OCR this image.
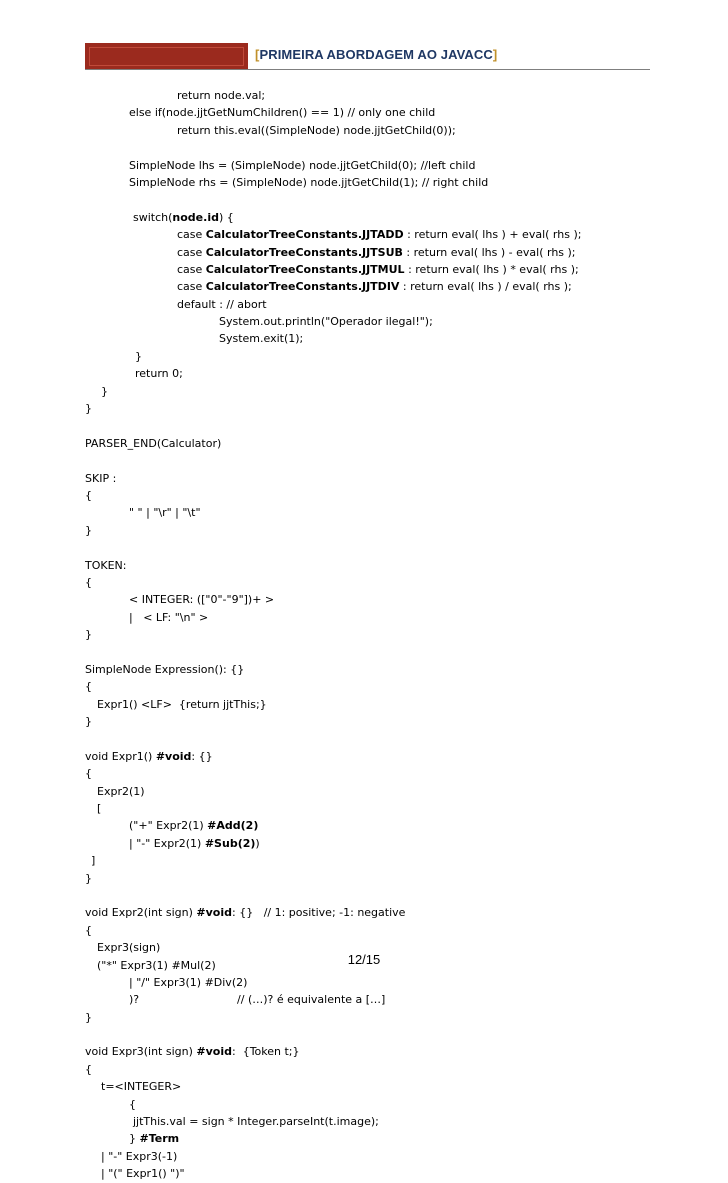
[PRIMEIRA ABORDAGEM AO JAVACC]
return node.val;
else if(node.jjtGetNumChildren() == 1) // only one child
return this.eval((SimpleNode) node.jjtGetChild(0));
SimpleNode lhs = (SimpleNode) node.jjtGetChild(0); //left child
SimpleNode rhs = (SimpleNode) node.jjtGetChild(1); // right child
switch(node.id) {
case CalculatorTreeConstants.JJTADD : return eval( lhs ) + eval( rhs );
case CalculatorTreeConstants.JJTSUB : return eval( lhs ) - eval( rhs );
case CalculatorTreeConstants.JJTMUL : return eval( lhs ) * eval( rhs );
case CalculatorTreeConstants.JJTDIV : return eval( lhs ) / eval( rhs );
default : // abort
System.out.println("Operador ilegal!");
System.exit(1);
}
return 0;
}
}
PARSER_END(Calculator)
SKIP :
{
" " | "\r" | "\t"
}
TOKEN:
{
< INTEGER: (["0"-"9"])+ >
|   < LF: "\n" >
}
SimpleNode Expression(): {}
{
Expr1() <LF>  {return jjtThis;}
}
void Expr1() #void: {}
{
Expr2(1)
[
("+" Expr2(1) #Add(2)
| "-" Expr2(1) #Sub(2))
]
}
void Expr2(int sign) #void: {}   // 1: positive; -1: negative
{
Expr3(sign)
("*" Expr3(1) #Mul(2)
| "/" Expr3(1) #Div(2)
)?                            // (…)? é equivalente a […]
}
void Expr3(int sign) #void:  {Token t;}
{
t=<INTEGER>
{
jjtThis.val = sign * Integer.parseInt(t.image);
} #Term
| "-" Expr3(-1)
| "(" Expr1() ")"
12/15
